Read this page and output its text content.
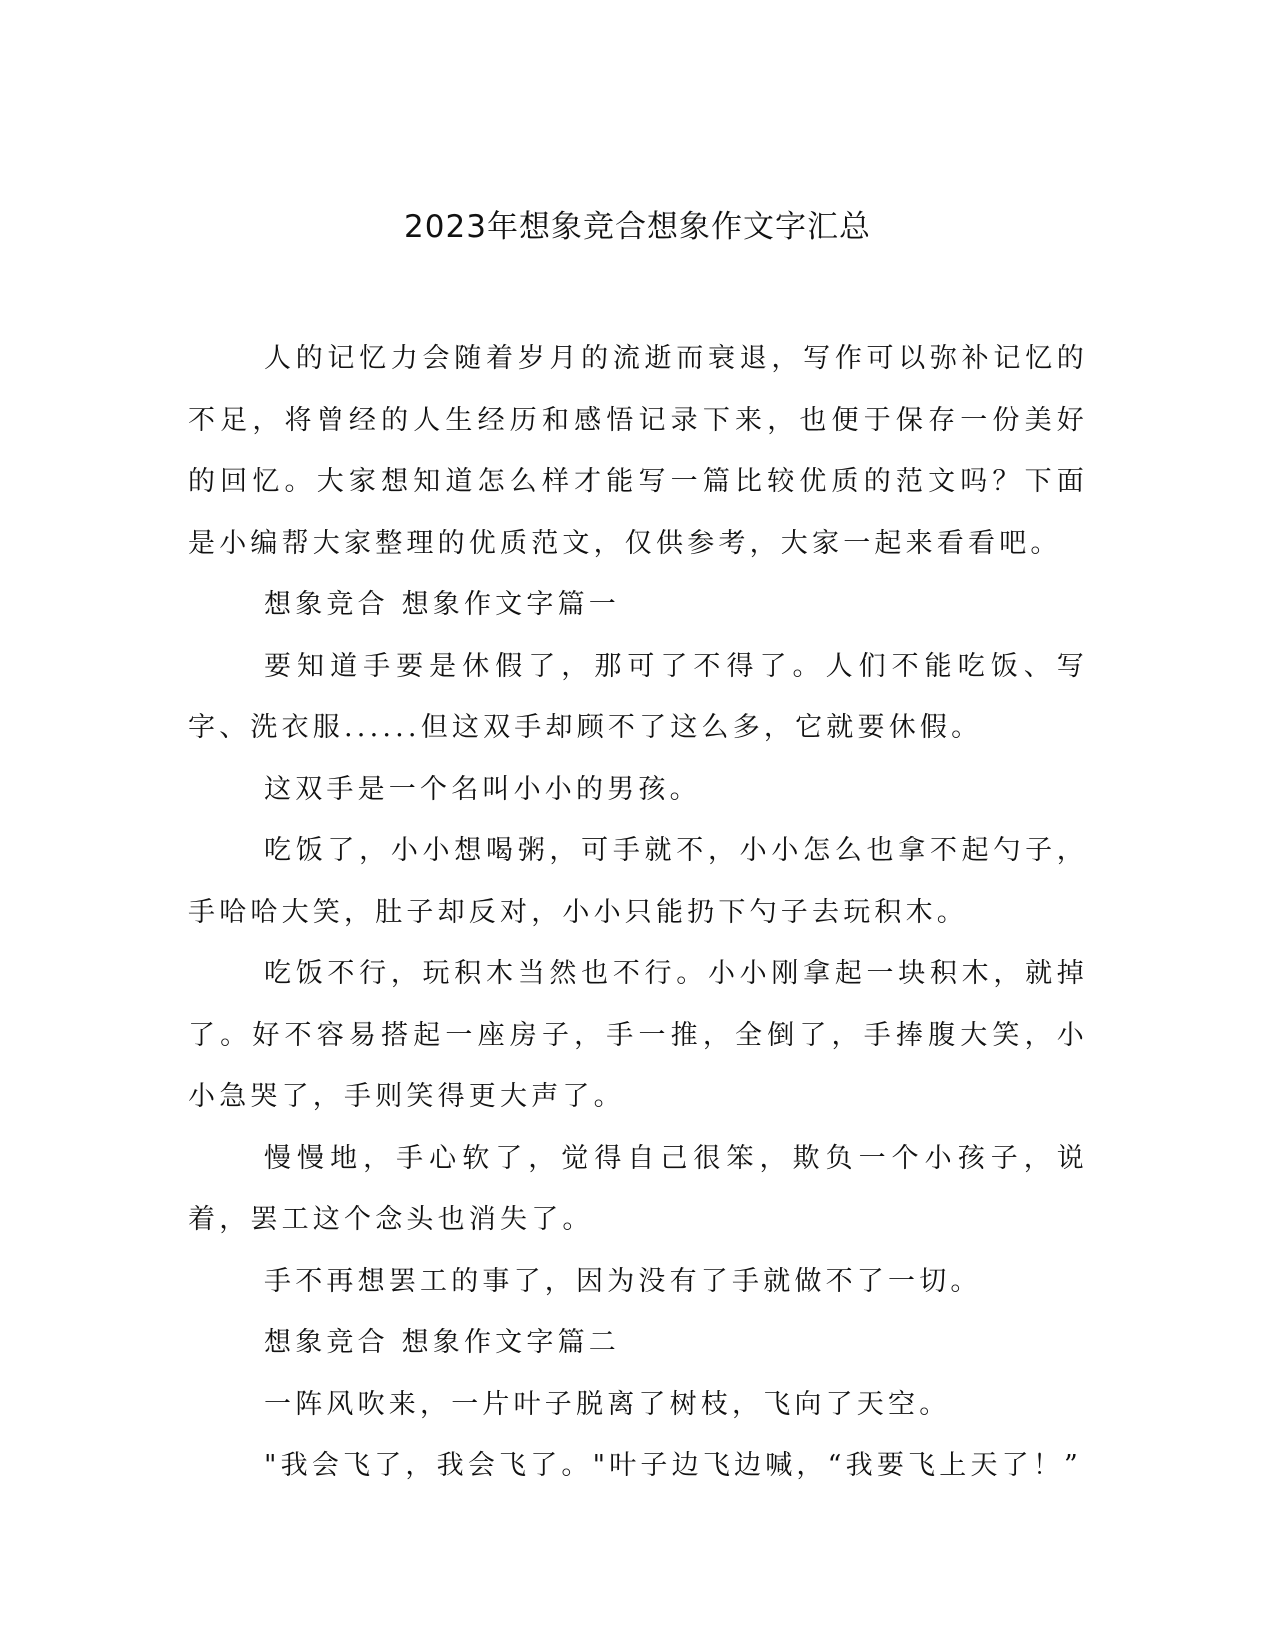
2023年想象竞合想象作文字汇总

人的记忆力会随着岁月的流逝而衰退，写作可以弥补记忆的不足，将曾经的人生经历和感悟记录下来，也便于保存一份美好的回忆。大家想知道怎么样才能写一篇比较优质的范文吗？下面是小编帮大家整理的优质范文，仅供参考，大家一起来看看吧。

想象竞合 想象作文字篇一

要知道手要是休假了，那可了不得了。人们不能吃饭、写字、洗衣服......但这双手却顾不了这么多，它就要休假。

这双手是一个名叫小小的男孩。

吃饭了，小小想喝粥，可手就不，小小怎么也拿不起勺子，手哈哈大笑，肚子却反对，小小只能扔下勺子去玩积木。

吃饭不行，玩积木当然也不行。小小刚拿起一块积木，就掉了。好不容易搭起一座房子，手一推，全倒了，手捧腹大笑，小小急哭了，手则笑得更大声了。

慢慢地，手心软了，觉得自己很笨，欺负一个小孩子，说着，罢工这个念头也消失了。

手不再想罢工的事了，因为没有了手就做不了一切。

想象竞合 想象作文字篇二

一阵风吹来，一片叶子脱离了树枝，飞向了天空。

"我会飞了，我会飞了。"叶子边飞边喊，“我要飞上天了！”
